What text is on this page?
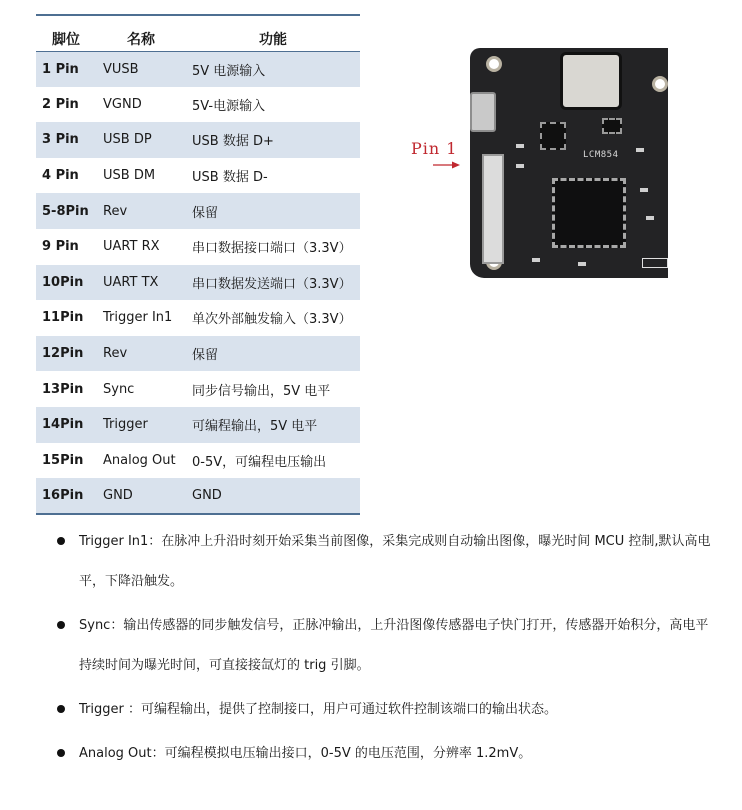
脚位	名称	功能
1 Pin	VUSB	5V 电源输入
2 Pin	VGND	5V-电源输入
3 Pin	USB DP	USB 数据 D+
4 Pin	USB DM	USB 数据 D-
5-8Pin	Rev	保留
9 Pin	UART RX	串口数据接口端口（3.3V）
10Pin	UART TX	串口数据发送端口（3.3V）
11Pin	Trigger In1	单次外部触发输入（3.3V）
12Pin	Rev	保留
13Pin	Sync	同步信号输出，5V 电平
14Pin	Trigger	可编程输出，5V 电平
15Pin	Analog Out	0-5V，可编程电压输出
16Pin	GND	GND
LCM854
Pin 1
Trigger In1：在脉冲上升沿时刻开始采集当前图像，采集完成则自动输出图像，曝光时间 MCU 控制,默认高电平，下降沿触发。
Sync：输出传感器的同步触发信号，正脉冲输出，上升沿图像传感器电子快门打开，传感器开始积分，高电平持续时间为曝光时间，可直接接氙灯的 trig 引脚。
Trigger ：可编程输出，提供了控制接口，用户可通过软件控制该端口的输出状态。
Analog Out：可编程模拟电压输出接口，0-5V 的电压范围，分辨率 1.2mV。
